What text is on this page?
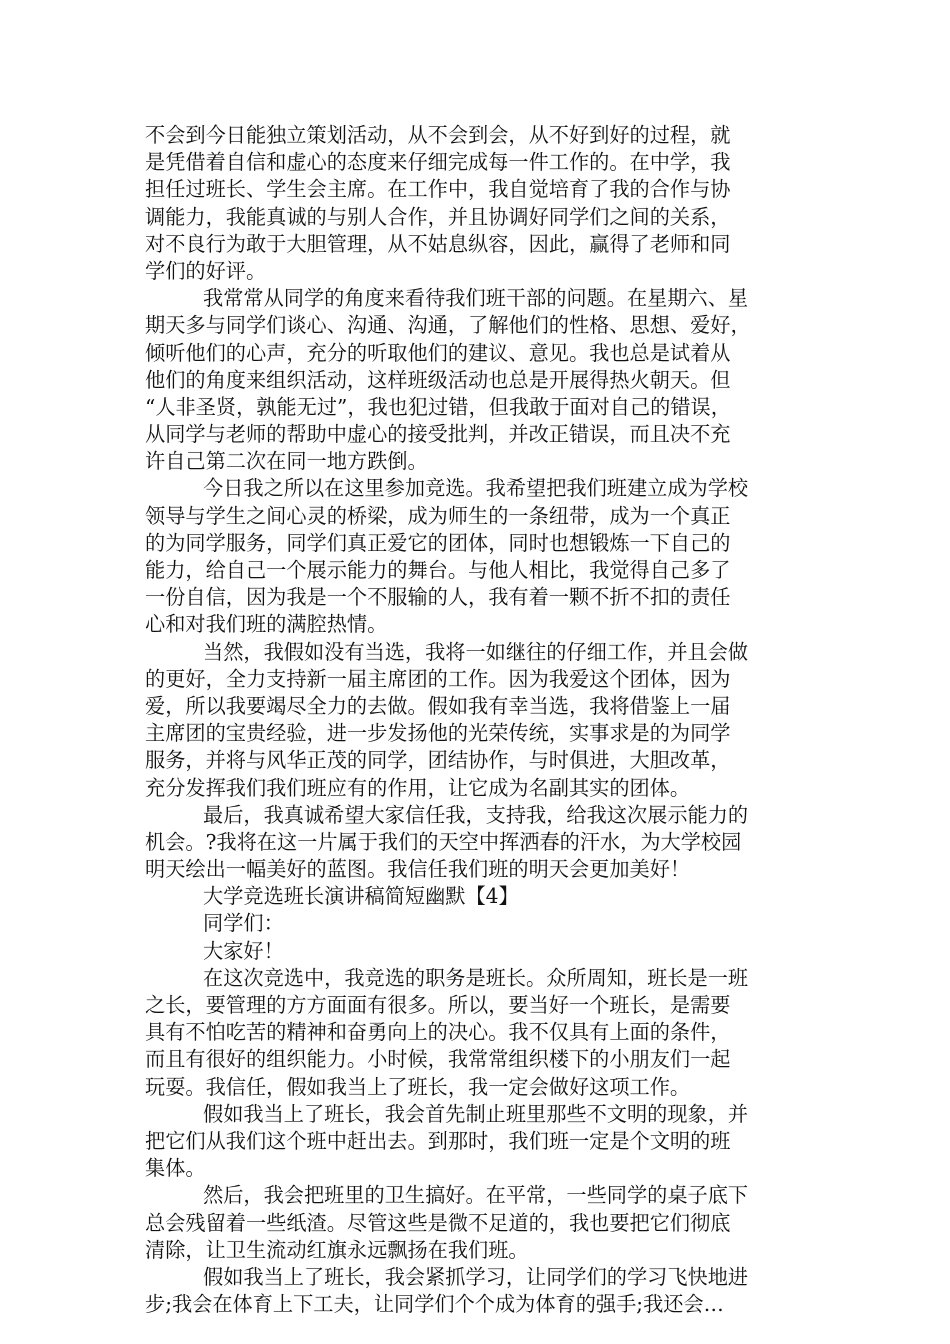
不会到今日能独立策划活动，从不会到会，从不好到好的过程，就
是凭借着自信和虚心的态度来仔细完成每一件工作的。在中学，我
担任过班长、学生会主席。在工作中，我自觉培育了我的合作与协
调能力，我能真诚的与别人合作，并且协调好同学们之间的关系，
对不良行为敢于大胆管理，从不姑息纵容，因此，赢得了老师和同
学们的好评。
我常常从同学的角度来看待我们班干部的问题。在星期六、星
期天多与同学们谈心、沟通、沟通，了解他们的性格、思想、爱好，
倾听他们的心声，充分的听取他们的建议、意见。我也总是试着从
他们的角度来组织活动，这样班级活动也总是开展得热火朝天。但
“人非圣贤，孰能无过”，我也犯过错，但我敢于面对自己的错误，
从同学与老师的帮助中虚心的接受批判，并改正错误，而且决不充
许自己第二次在同一地方跌倒。
今日我之所以在这里参加竞选。我希望把我们班建立成为学校
领导与学生之间心灵的桥梁，成为师生的一条纽带，成为一个真正
的为同学服务，同学们真正爱它的团体，同时也想锻炼一下自己的
能力，给自己一个展示能力的舞台。与他人相比，我觉得自己多了
一份自信，因为我是一个不服输的人，我有着一颗不折不扣的责任
心和对我们班的满腔热情。
当然，我假如没有当选，我将一如继往的仔细工作，并且会做
的更好，全力支持新一届主席团的工作。因为我爱这个团体，因为
爱，所以我要竭尽全力的去做。假如我有幸当选，我将借鉴上一届
主席团的宝贵经验，进一步发扬他的光荣传统，实事求是的为同学
服务，并将与风华正茂的同学，团结协作，与时俱进，大胆改革，
充分发挥我们我们班应有的作用，让它成为名副其实的团体。
最后，我真诚希望大家信任我，支持我，给我这次展示能力的
机会。?我将在这一片属于我们的天空中挥洒春的汗水，为大学校园
明天绘出一幅美好的蓝图。我信任我们班的明天会更加美好！
大学竞选班长演讲稿简短幽默【4】
同学们：
大家好！
在这次竞选中，我竞选的职务是班长。众所周知，班长是一班
之长，要管理的方方面面有很多。所以，要当好一个班长，是需要
具有不怕吃苦的精神和奋勇向上的决心。我不仅具有上面的条件，
而且有很好的组织能力。小时候，我常常组织楼下的小朋友们一起
玩耍。我信任，假如我当上了班长，我一定会做好这项工作。
假如我当上了班长，我会首先制止班里那些不文明的现象，并
把它们从我们这个班中赶出去。到那时，我们班一定是个文明的班
集体。
然后，我会把班里的卫生搞好。在平常，一些同学的桌子底下
总会残留着一些纸渣。尽管这些是微不足道的，我也要把它们彻底
清除，让卫生流动红旗永远飘扬在我们班。
假如我当上了班长，我会紧抓学习，让同学们的学习飞快地进
步;我会在体育上下工夫，让同学们个个成为体育的强手;我还会…
